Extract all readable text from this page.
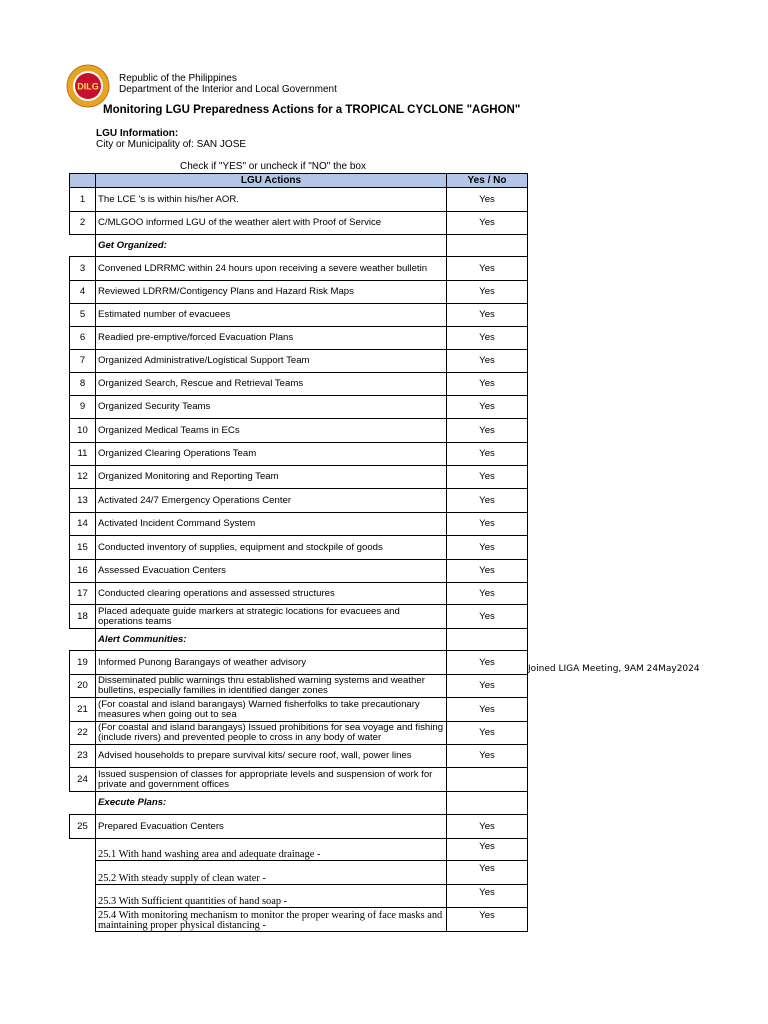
DILG
Republic of the Philippines
Department of the Interior and Local Government
Monitoring LGU Preparedness Actions for a TROPICAL CYCLONE "AGHON"
LGU Information:
City or Municipality of: SAN JOSE
Check if "YES" or uncheck if "NO" the box
	LGU Actions	Yes / No
1	The LCE 's is within his/her AOR.	Yes
2	C/MLGOO informed LGU of the weather alert with Proof of Service	Yes
	Get Organized:	
3	Convened LDRRMC within 24 hours upon receiving a severe weather bulletin	Yes
4	Reviewed LDRRM/Contigency Plans and Hazard Risk Maps	Yes
5	Estimated number of evacuees	Yes
6	Readied pre-emptive/forced Evacuation Plans	Yes
7	Organized Administrative/Logistical Support Team	Yes
8	Organized Search, Rescue and Retrieval Teams	Yes
9	Organized Security Teams	Yes
10	Organized Medical Teams in ECs	Yes
11	Organized Clearing Operations Team	Yes
12	Organized Monitoring and Reporting Team	Yes
13	Activated 24/7 Emergency Operations Center	Yes
14	Activated Incident Command System	Yes
15	Conducted inventory of supplies, equipment and stockpile of goods	Yes
16	Assessed Evacuation Centers	Yes
17	Conducted clearing operations and assessed structures	Yes
18	Placed adequate guide markers at strategic locations for evacuees and operations teams	Yes
	Alert Communities:	
19	Informed Punong Barangays of weather advisory	Yes
20	Disseminated public warnings thru established warning systems and weather bulletins, especially families in identified danger zones	Yes
21	(For coastal and island barangays) Warned fisherfolks to take precautionary measures when going out to sea	Yes
22	(For coastal and island barangays) Issued prohibitions for sea voyage and fishing (include rivers) and prevented people to cross in any body of water	Yes
23	Advised households to prepare survival kits/ secure roof, wall, power lines	Yes
24	Issued suspension of classes for appropriate levels and suspension of work for private and government offices	
	Execute Plans:	
25	Prepared Evacuation Centers	Yes
	25.1 With hand washing area and adequate drainage -	Yes
	25.2 With steady supply of clean water -	Yes
	25.3 With Sufficient quantities of hand soap -	Yes
	25.4 With monitoring mechanism to monitor the proper wearing of face masks and maintaining proper physical distancing -	Yes
Joined LIGA Meeting, 9AM 24May2024
